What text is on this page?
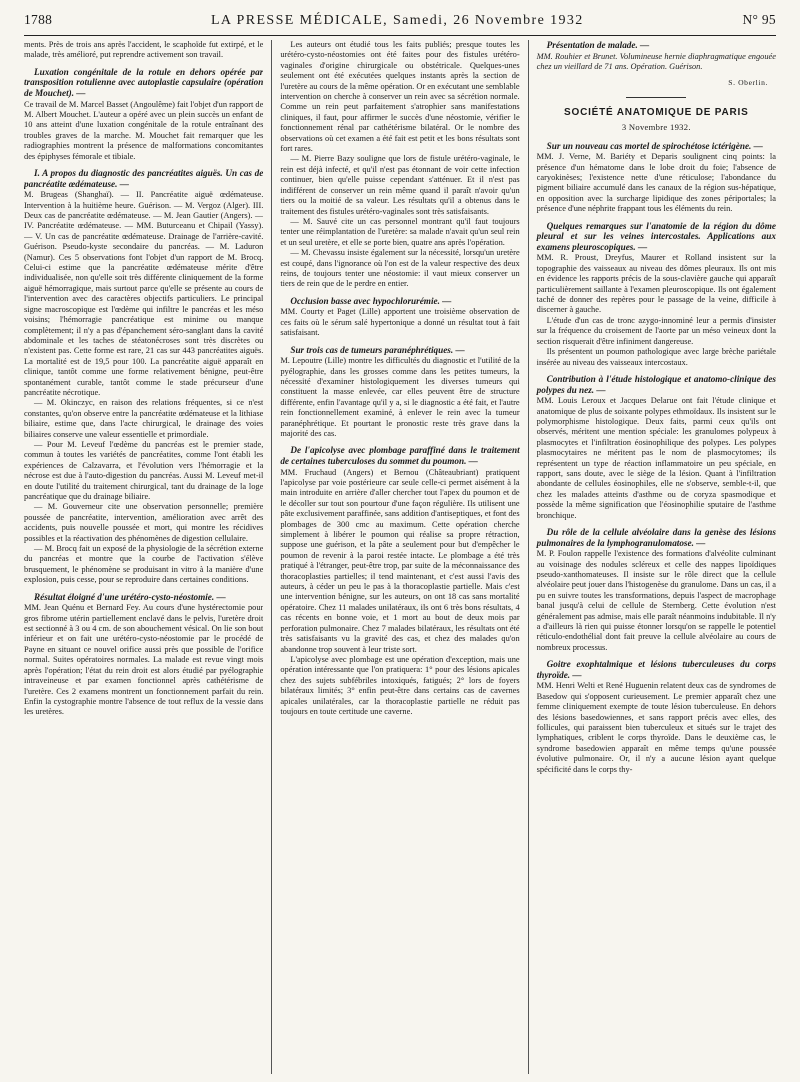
1788	LA PRESSE MÉDICALE, Samedi, 26 Novembre 1932	N° 95

ments. Près de trois ans après l'accident, le scaphoïde fut extirpé, et le malade, très amélioré, put reprendre activement son travail.

Luxation congénitale de la rotule en dehors opérée par transposition rotulienne avec autoplastie capsulaire (opération de Mouchet). —

Ce travail de M. Marcel Basset (Angoulême) fait l'objet d'un rapport de M. Albert Mouchet. L'auteur a opéré avec un plein succès un enfant de 10 ans atteint d'une luxation congénitale de la rotule entraînant des troubles graves de la marche. M. Mouchet fait remarquer que les radiographies montrent la présence de malformations concomitantes des épiphyses fémorale et tibiale.

I. A propos du diagnostic des pancréatites aiguës. Un cas de pancréatite œdémateuse. —

M. Brugeas (Shanghaï). — II. Pancréatite aiguë œdémateuse. Intervention à la huitième heure. Guérison. — M. Vergoz (Alger). III. Deux cas de pancréatite œdémateuse. — M. Jean Gautier (Angers). — IV. Pancréatite œdémateuse. — MM. Buturceanu et Chipail (Yassy). — V. Un cas de pancréatite œdémateuse. Drainage de l'arrière-cavité. Guérison. Pseudo-kyste secondaire du pancréas. — M. Laduron (Namur). Ces 5 observations font l'objet d'un rapport de M. Brocq. Celui-ci estime que la pancréatite œdémateuse mérite d'être individualisée, non qu'elle soit très différente cliniquement de la forme aiguë hémorragique, mais surtout parce qu'elle se présente au cours de l'intervention avec des caractères objectifs particuliers. Le principal signe macroscopique est l'œdème qui infiltre le pancréas et les méso voisins; l'hémorragie pancréatique est minime ou manque complètement; il n'y a pas d'épanchement séro-sanglant dans la cavité abdominale et les taches de stéatonécroses sont très discrètes ou n'existent pas. Cette forme est rare, 21 cas sur 443 pancréatites aiguës. La mortalité est de 19,5 pour 100. La pancréatite aiguë apparaît en clinique, tantôt comme une forme relativement bénigne, peut-être spontanément curable, tantôt comme le stade précurseur d'une pancréatite nécrotique.

— M. Okinczyc, en raison des relations fréquentes, si ce n'est constantes, qu'on observe entre la pancréatite œdémateuse et la lithiase biliaire, estime que, dans l'acte chirurgical, le drainage des voies biliaires conserve une valeur essentielle et primordiale.

— Pour M. Leveuf l'œdème du pancréas est le premier stade, commun à toutes les variétés de pancréatites, comme l'ont établi les expériences de Calzavarra, et l'évolution vers l'hémorragie et la nécrose est due à l'auto-digestion du pancréas. Aussi M. Leveuf met-il en doute l'utilité du traitement chirurgical, tant du drainage de la loge pancréatique que du drainage biliaire.

— M. Gouverneur cite une observation personnelle; première poussée de pancréatite, intervention, amélioration avec arrêt des accidents, puis nouvelle poussée et mort, qui montre les récidives possibles et la réactivation des phénomènes de digestion cellulaire.

— M. Brocq fait un exposé de la physiologie de la sécrétion externe du pancréas et montre que la courbe de l'activation s'élève brusquement, le phénomène se produisant in vitro à la manière d'une explosion, puis cesse, pour se reproduire dans certaines conditions.

Résultat éloigné d'une urétéro-cysto-néostomie. —

MM. Jean Quénu et Bernard Fey. Au cours d'une hystérectomie pour gros fibrome utérin partiellement enclavé dans le pelvis, l'uretère droit est sectionné à 3 ou 4 cm. de son abouchement vésical. On lie son bout inférieur et on fait une urétéro-cysto-néostomie par le procédé de Payne en situant ce nouvel orifice aussi près que possible de l'orifice normal. Suites opératoires normales. La malade est revue vingt mois après l'opération; l'état du rein droit est alors étudié par pyélographie intraveineuse et par examen fonctionnel après cathétérisme de l'uretère. Ces 2 examens montrent un fonctionnement parfait du rein. Enfin la cystographie montre l'absence de tout reflux de la vessie dans les uretères.

Les auteurs ont étudié tous les faits publiés; presque toutes les urétéro-cysto-néostomies ont été faites pour des fistules urétéro-vaginales d'origine chirurgicale ou obstétricale. Quelques-unes seulement ont été exécutées quelques instants après la section de l'uretère au cours de la même opération. Or en exécutant une semblable intervention on cherche à conserver un rein avec sa sécrétion normale. Comme un rein peut parfaitement s'atrophier sans manifestations cliniques, il faut, pour affirmer le succès d'une néostomie, vérifier le fonctionnement rénal par cathétérisme bilatéral. Or le nombre des observations où cet examen a été fait est petit et les bons résultats sont fort rares.

— M. Pierre Bazy souligne que lors de fistule urétéro-vaginale, le rein est déjà infecté, et qu'il n'est pas étonnant de voir cette infection continuer, bien qu'elle puisse cependant s'atténuer. Et il n'est pas indifférent de conserver un rein même quand il paraît n'avoir qu'un tiers ou la moitié de sa valeur. Les résultats qu'il a obtenus dans le traitement des fistules urétéro-vaginales sont très satisfaisants.

— M. Sauvé cite un cas personnel montrant qu'il faut toujours tenter une réimplantation de l'uretère: sa malade n'avait qu'un seul rein et un seul uretère, et elle se porte bien, quatre ans après l'opération.

— M. Chevassu insiste également sur la nécessité, lorsqu'un uretère est coupé, dans l'ignorance où l'on est de la valeur respective des deux reins, de toujours tenter une néostomie: il vaut mieux conserver un tiers de rein que de le perdre en entier.

Occlusion basse avec hypochlorurémie. —

MM. Courty et Paget (Lille) apportent une troisième observation de ces faits où le sérum salé hypertonique a donné un résultat tout à fait satisfaisant.

Sur trois cas de tumeurs paranéphrétiques. —

M. Lepoutre (Lille) montre les difficultés du diagnostic et l'utilité de la pyélographie, dans les grosses comme dans les petites tumeurs, la nécessité d'examiner histologiquement les diverses tumeurs qui constituent la masse enlevée, car elles peuvent être de structure différente, enfin l'avantage qu'il y a, si le diagnostic a été fait, et l'autre rein fonctionnellement examiné, à enlever le rein avec la tumeur paranéphrétique. Et pourtant le pronostic reste très grave dans la majorité des cas.

De l'apicolyse avec plombage paraffiné dans le traitement de certaines tuberculoses du sommet du poumon. —

MM. Fruchaud (Angers) et Bernou (Châteaubriant) pratiquent l'apicolyse par voie postérieure car seule celle-ci permet aisément à la main introduite en arrière d'aller chercher tout l'apex du poumon et de le décoller sur tout son pourtour d'une façon régulière. Ils utilisent une pâte exclusivement paraffinée, sans addition d'antiseptiques, et font des plombages de 300 cmc au maximum. Cette opération cherche simplement à libérer le poumon qui réalise sa propre rétraction, suppose une guérison, et la pâte a seulement pour but d'empêcher le poumon de revenir à la paroi restée intacte. Le plombage a été très pratiqué à l'étranger, peut-être trop, par suite de la méconnaissance des thoracoplasties partielles; il tend maintenant, et c'est aussi l'avis des auteurs, à céder un peu le pas à la thoracoplastie partielle. Mais c'est une intervention bénigne, sur les auteurs, on ont 18 cas sans mortalité opératoire. Chez 11 malades unilatéraux, ils ont 6 très bons résultats, 4 cas récents en bonne voie, et 1 mort au bout de deux mois par perforation pulmonaire. Chez 7 malades bilatéraux, les résultats ont été très satisfaisants vu la gravité des cas, et chez des malades qu'on abandonne trop souvent à leur triste sort.

L'apicolyse avec plombage est une opération d'exception, mais une opération intéressante que l'on pratiquera: 1° pour des lésions apicales chez des sujets subfébriles intoxiqués, fatigués; 2° lors de foyers bilatéraux limités; 3° enfin peut-être dans certains cas de cavernes apicales unilatérales, car la thoracoplastie partielle ne réduit pas toujours en toute certitude une caverne.

Présentation de malade. —

MM. Rouhier et Brunet. Volumineuse hernie diaphragmatique engouée chez un vieillard de 71 ans. Opération. Guérison.

S. Oberlin.
SOCIÉTÉ ANATOMIQUE DE PARIS
3 Novembre 1932.
Sur un nouveau cas mortel de spirochétose ictérigène. —

MM. J. Verne, M. Bariéty et Deparis soulignent cinq points: la présence d'un hématome dans le lobe droit du foie; l'absence de caryokinèses; l'existence nette d'une réticulose; l'abondance du pigment biliaire accumulé dans les canaux de la région sus-hépatique, en opposition avec la surcharge lipidique des zones périportales; la présence d'une néphrite frappant tous les éléments du rein.

Quelques remarques sur l'anatomie de la région du dôme pleural et sur les veines intercostales. Applications aux examens pleuroscopiques. —

MM. R. Proust, Dreyfus, Maurer et Rolland insistent sur la topographie des vaisseaux au niveau des dômes pleuraux. Ils ont mis en évidence les rapports précis de la sous-clavière gauche qui apparaît particulièrement saillante à l'examen pleuroscopique. Ils ont également taché de donner des repères pour le passage de la veine, difficile à discerner à gauche.

L'étude d'un cas de tronc azygo-innominé leur a permis d'insister sur la fréquence du croisement de l'aorte par un méso veineux dont la section risquerait d'être infiniment dangereuse.

Ils présentent un poumon pathologique avec large brèche pariétale insérée au niveau des vaisseaux intercostaux.

Contribution à l'étude histologique et anatomo-clinique des polypes du nez. —

MM. Louis Leroux et Jacques Delarue ont fait l'étude clinique et anatomique de plus de soixante polypes ethmoïdaux. Ils insistent sur le polymorphisme histologique. Deux faits, parmi ceux qu'ils ont observés, méritent une mention spéciale: les granulomes polypeux à plasmocytes et l'infiltration éosinophilique des polypes. Les polypes plasmocytaires ne méritent pas le nom de plasmocytomes; ils représentent un type de réaction inflammatoire un peu spéciale, en rapport, sans doute, avec le siège de la lésion. Quant à l'infiltration abondante de cellules éosinophiles, elle ne s'observe, semble-t-il, que chez les malades atteints d'asthme ou de coryza spasmodique et possède la même signification que l'éosinophilie sputaire de l'asthme bronchique.

Du rôle de la cellule alvéolaire dans la genèse des lésions pulmonaires de la lymphogranulomatose. —

M. P. Foulon rappelle l'existence des formations d'alvéolite culminant au voisinage des nodules scléreux et celle des nappes lipoïdiques pseudo-xanthomateuses. Il insiste sur le rôle direct que la cellule alvéolaire peut jouer dans l'histogenèse du granulome. Dans un cas, il a pu en suivre toutes les transformations, depuis l'aspect de macrophage banal jusqu'à celui de cellule de Sternberg. Cette évolution n'est généralement pas admise, mais elle paraît néanmoins indubitable. Il n'y a d'ailleurs là rien qui puisse étonner lorsqu'on se rappelle le potentiel réticulo-endothélial dont fait preuve la cellule alvéolaire au cours de nombreux processus.

Goitre exophtalmique et lésions tuberculeuses du corps thyroïde. —

MM. Henri Welti et René Huguenin relatent deux cas de syndromes de Basedow qui s'opposent curieusement. Le premier apparaît chez une femme cliniquement exempte de toute lésion tuberculeuse. En dehors des lésions basedowiennes, et sans rapport précis avec elles, des follicules, qui paraissent bien tuberculeux et situés sur le trajet des lymphatiques, criblent le corps thyroïde. Dans le deuxième cas, le syndrome basedowien apparaît en même temps qu'une poussée évolutive pulmonaire. Or, il n'y a aucune lésion ayant quelque spécificité dans le corps thy-
